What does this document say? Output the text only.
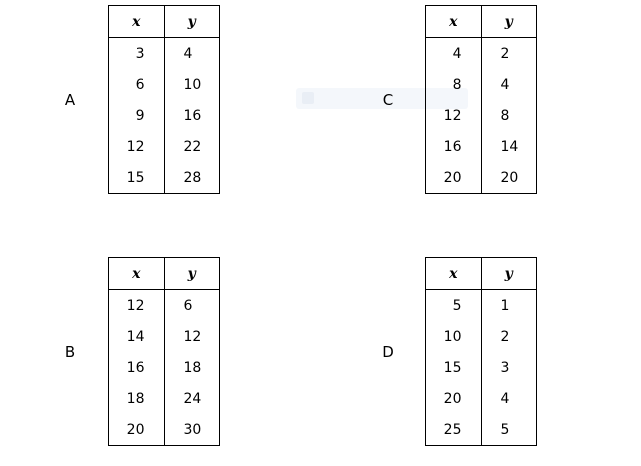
A
x	y
3	4
6	10
9	16
12	22
15	28
B
x	y
12	6
14	12
16	18
18	24
20	30
C
x	y
4	2
8	4
12	8
16	14
20	20
D
x	y
5	1
10	2
15	3
20	4
25	5
